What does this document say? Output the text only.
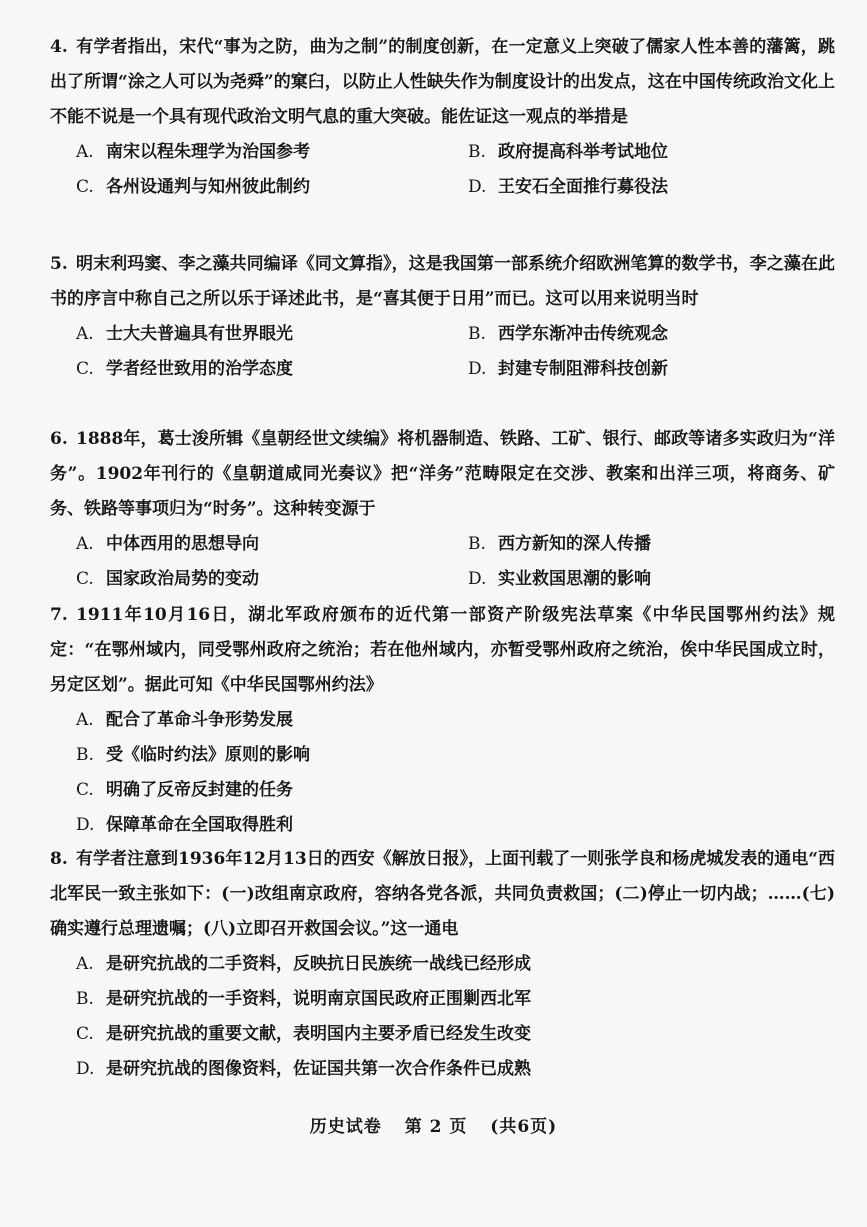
4. 有学者指出，宋代“事为之防，曲为之制”的制度创新，在一定意义上突破了儒家人性本善的藩篱，跳出了所谓“涂之人可以为尧舜”的窠臼，以防止人性缺失作为制度设计的出发点，这在中国传统政治文化上不能不说是一个具有现代政治文明气息的重大突破。能佐证这一观点的举措是
A. 南宋以程朱理学为治国参考	B. 政府提高科举考试地位
C. 各州设通判与知州彼此制约	D. 王安石全面推行募役法
5. 明末利玛窦、李之藻共同编译《同文算指》，这是我国第一部系统介绍欧洲笔算的数学书，李之藻在此书的序言中称自己之所以乐于译述此书，是“喜其便于日用”而已。这可以用来说明当时
A. 士大夫普遍具有世界眼光	B. 西学东渐冲击传统观念
C. 学者经世致用的治学态度	D. 封建专制阻滞科技创新
6. 1888年，葛士浚所辑《皇朝经世文续编》将机器制造、铁路、工矿、银行、邮政等诸多实政归为“洋务”。1902年刊行的《皇朝道咸同光奏议》把“洋务”范畴限定在交涉、教案和出洋三项，将商务、矿务、铁路等事项归为“时务”。这种转变源于
A. 中体西用的思想导向	B. 西方新知的深人传播
C. 国家政治局势的变动	D. 实业救国思潮的影响
7. 1911年10月16日，湖北军政府颁布的近代第一部资产阶级宪法草案《中华民国鄂州约法》规定：“在鄂州域内，同受鄂州政府之统治；若在他州域内，亦暂受鄂州政府之统治，俟中华民国成立时，另定区划”。据此可知《中华民国鄂州约法》
A. 配合了革命斗争形势发展
B. 受《临时约法》原则的影响
C. 明确了反帝反封建的任务
D. 保障革命在全国取得胜利
8. 有学者注意到1936年12月13日的西安《解放日报》，上面刊载了一则张学良和杨虎城发表的通电“西北军民一致主张如下：(一)改组南京政府，容纳各党各派，共同负责救国；(二)停止一切内战；……(七)确实遵行总理遗嘱；(八)立即召开救国会议。”这一通电
A. 是研究抗战的二手资料，反映抗日民族统一战线已经形成
B. 是研究抗战的一手资料，说明南京国民政府正围剿西北军
C. 是研究抗战的重要文献，表明国内主要矛盾已经发生改变
D. 是研究抗战的图像资料，佐证国共第一次合作条件已成熟
历史试卷 第 2 页 (共6页)
